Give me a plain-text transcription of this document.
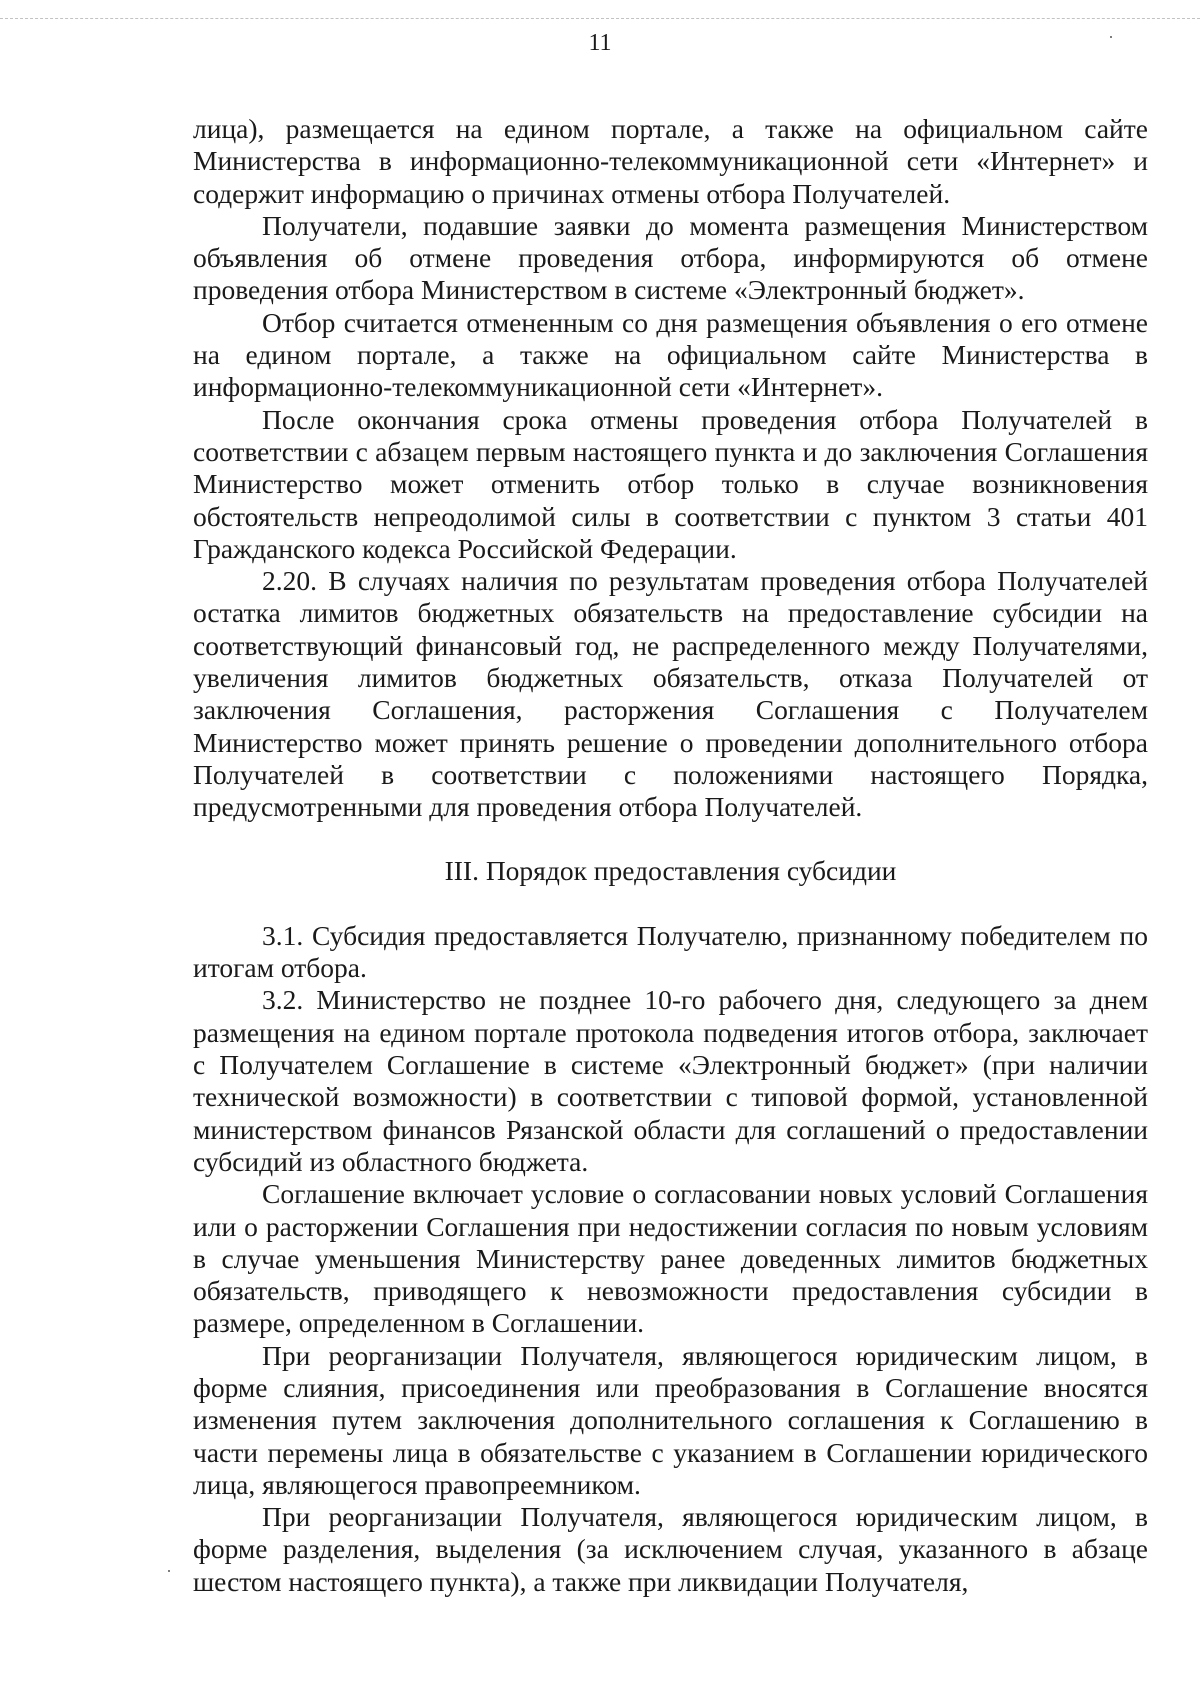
11

лица), размещается на едином портале, а также на официальном сайте Министерства в информационно-телекоммуникационной сети «Интернет» и содержит информацию о причинах отмены отбора Получателей.

Получатели, подавшие заявки до момента размещения Министерством объявления об отмене проведения отбора, информируются об отмене проведения отбора Министерством в системе «Электронный бюджет».

Отбор считается отмененным со дня размещения объявления о его отмене на едином портале, а также на официальном сайте Министерства в информационно-телекоммуникационной сети «Интернет».

После окончания срока отмены проведения отбора Получателей в соответствии с абзацем первым настоящего пункта и до заключения Соглашения Министерство может отменить отбор только в случае возникновения обстоятельств непреодолимой силы в соответствии с пунктом 3 статьи 401 Гражданского кодекса Российской Федерации.

2.20. В случаях наличия по результатам проведения отбора Получателей остатка лимитов бюджетных обязательств на предоставление субсидии на соответствующий финансовый год, не распределенного между Получателями, увеличения лимитов бюджетных обязательств, отказа Получателей от заключения Соглашения, расторжения Соглашения с Получателем Министерство может принять решение о проведении дополнительного отбора Получателей в соответствии с положениями настоящего Порядка, предусмотренными для проведения отбора Получателей.

III. Порядок предоставления субсидии

3.1. Субсидия предоставляется Получателю, признанному победителем по итогам отбора.

3.2. Министерство не позднее 10-го рабочего дня, следующего за днем размещения на едином портале протокола подведения итогов отбора, заключает с Получателем Соглашение в системе «Электронный бюджет» (при наличии технической возможности) в соответствии с типовой формой, установленной министерством финансов Рязанской области для соглашений о предоставлении субсидий из областного бюджета.

Соглашение включает условие о согласовании новых условий Соглашения или о расторжении Соглашения при недостижении согласия по новым условиям в случае уменьшения Министерству ранее доведенных лимитов бюджетных обязательств, приводящего к невозможности предоставления субсидии в размере, определенном в Соглашении.

При реорганизации Получателя, являющегося юридическим лицом, в форме слияния, присоединения или преобразования в Соглашение вносятся изменения путем заключения дополнительного соглашения к Соглашению в части перемены лица в обязательстве с указанием в Соглашении юридического лица, являющегося правопреемником.

При реорганизации Получателя, являющегося юридическим лицом, в форме разделения, выделения (за исключением случая, указанного в абзаце шестом настоящего пункта), а также при ликвидации Получателя,
